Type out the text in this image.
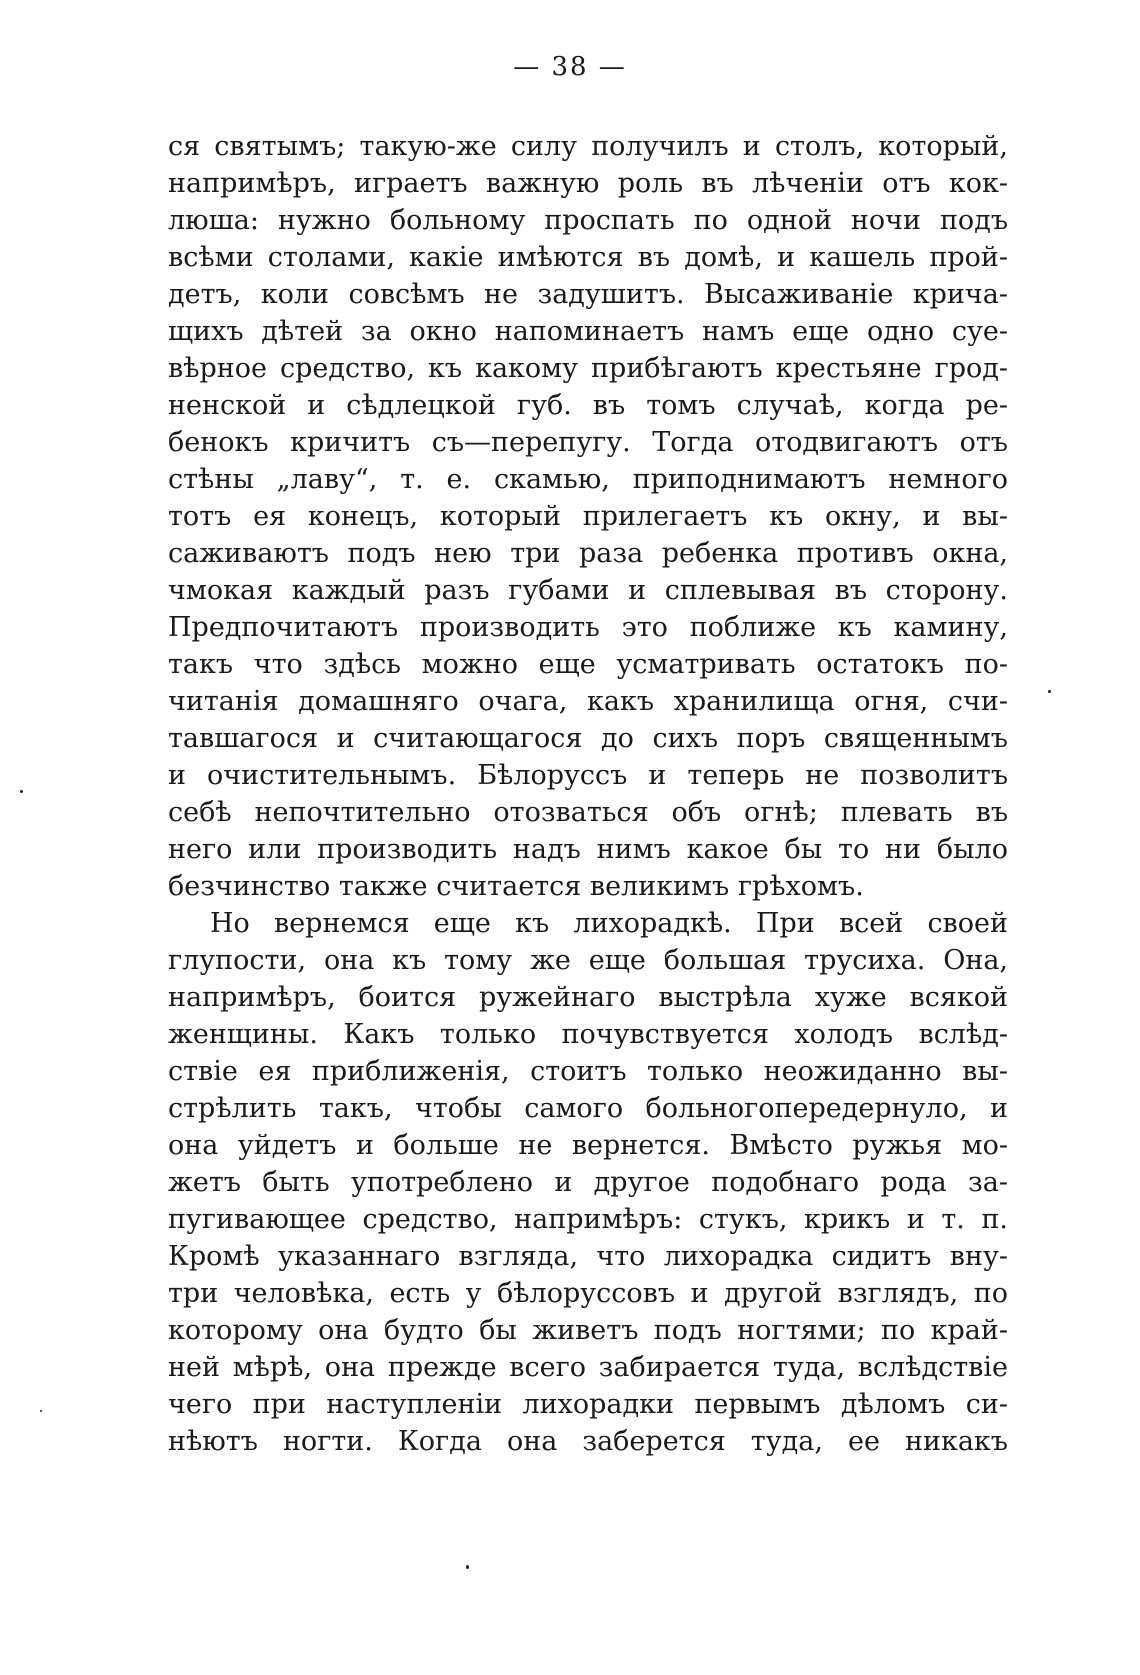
— 38 —
ся святымъ; такую-же силу получилъ и столъ, который,
напримѣръ, играетъ важную роль въ лѣченіи отъ кок-
люша: нужно больному проспать по одной ночи подъ
всѣми столами, какіе имѣются въ домѣ, и кашель прой-
детъ, коли совсѣмъ не задушитъ. Высаживаніе крича-
щихъ дѣтей за окно напоминаетъ намъ еще одно суе-
вѣрное средство, къ какому прибѣгаютъ крестьяне грод-
ненской и сѣдлецкой губ. въ томъ случаѣ, когда ре-
бенокъ кричитъ съ—перепугу. Тогда отодвигаютъ отъ
стѣны „лаву“, т. е. скамью, приподнимаютъ немного
тотъ ея конецъ, который прилегаетъ къ окну, и вы-
саживаютъ подъ нею три раза ребенка противъ окна,
чмокая каждый разъ губами и сплевывая въ сторону.
Предпочитаютъ производить это поближе къ камину,
такъ что здѣсь можно еще усматривать остатокъ по-
читанія домашняго очага, какъ хранилища огня, счи-
тавшагося и считающагося до сихъ поръ священнымъ
и очистительнымъ. Бѣлоруссъ и теперь не позволитъ
себѣ непочтительно отозваться объ огнѣ; плевать въ
него или производить надъ нимъ какое бы то ни было
безчинство также считается великимъ грѣхомъ.
Но вернемся еще къ лихорадкѣ. При всей своей
глупости, она къ тому же еще большая трусиха. Она,
напримѣръ, боится ружейнаго выстрѣла хуже всякой
женщины. Какъ только почувствуется холодъ вслѣд-
ствіе ея приближенія, стоитъ только неожиданно вы-
стрѣлить такъ, чтобы самого больногопередернуло, и
она уйдетъ и больше не вернется. Вмѣсто ружья мо-
жетъ быть употреблено и другое подобнаго рода за-
пугивающее средство, напримѣръ: стукъ, крикъ и т. п.
Кромѣ указаннаго взгляда, что лихорадка сидитъ вну-
три человѣка, есть у бѣлоруссовъ и другой взглядъ, по
которому она будто бы живетъ подъ ногтями; по край-
ней мѣрѣ, она прежде всего забирается туда, вслѣдствіе
чего при наступленіи лихорадки первымъ дѣломъ си-
нѣютъ ногти. Когда она заберется туда, ее никакъ
